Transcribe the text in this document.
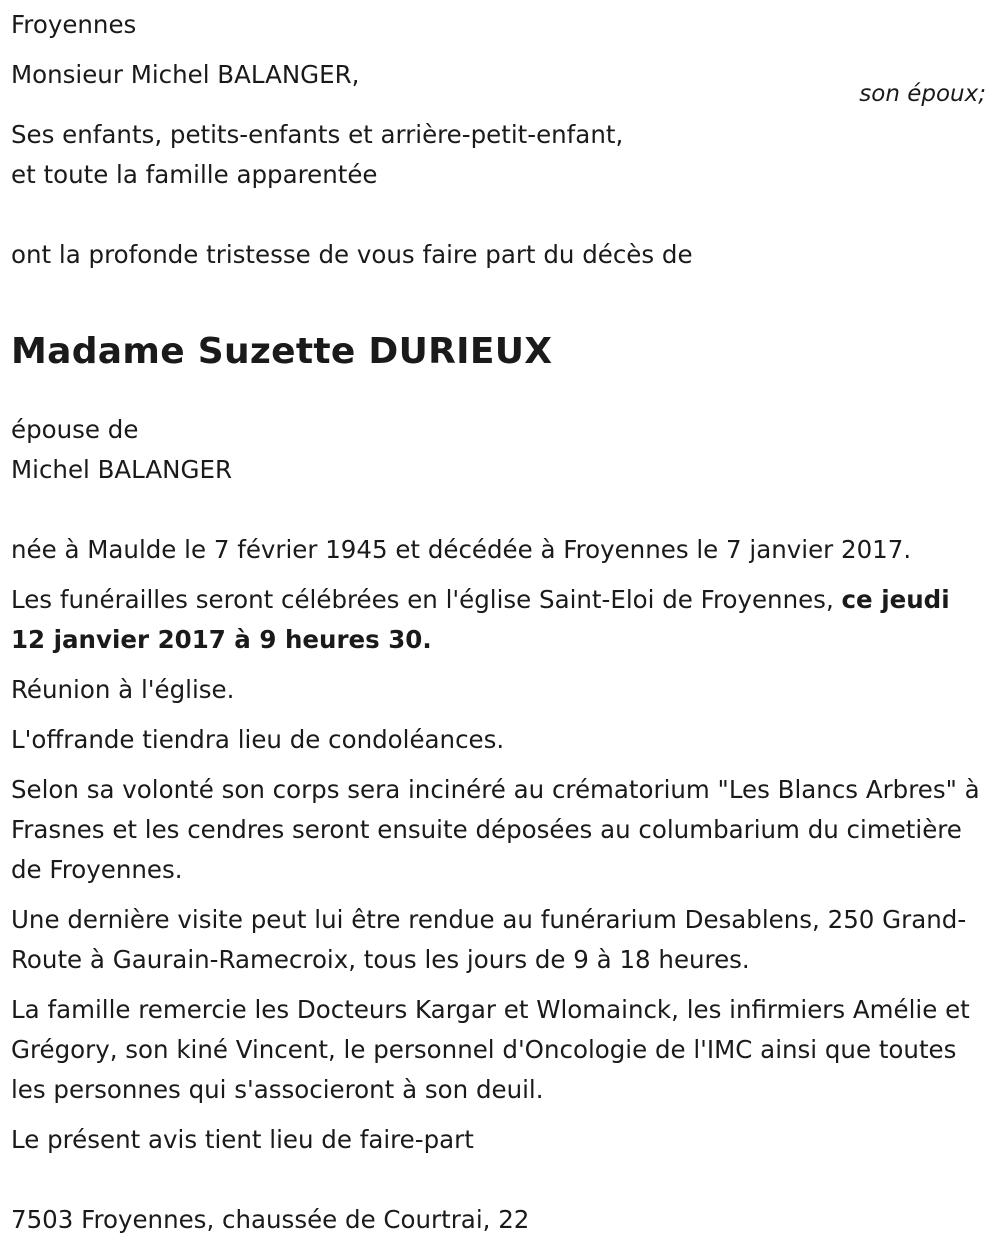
Froyennes

Monsieur Michel BALANGER,

son époux;

Ses enfants, petits-enfants et arrière-petit-enfant,

et toute la famille apparentée

ont la profonde tristesse de vous faire part du décès de

Madame Suzette DURIEUX

épouse de

Michel BALANGER

née à Maulde le 7 février 1945 et décédée à Froyennes le 7 janvier 2017.

Les funérailles seront célébrées en l'église Saint-Eloi de Froyennes, ce jeudi 12 janvier 2017 à 9 heures 30.

Réunion à l'église.

L'offrande tiendra lieu de condoléances.

Selon sa volonté son corps sera incinéré au crématorium "Les Blancs Arbres" à Frasnes et les cendres seront ensuite déposées au columbarium du cimetière de Froyennes.

Une dernière visite peut lui être rendue au funérarium Desablens, 250 Grand-Route à Gaurain-Ramecroix, tous les jours de 9 à 18 heures.

La famille remercie les Docteurs Kargar et Wlomainck, les infirmiers Amélie et Grégory, son kiné Vincent, le personnel d'Oncologie de l'IMC ainsi que toutes les personnes qui s'associeront à son deuil.

Le présent avis tient lieu de faire-part

7503 Froyennes, chaussée de Courtrai, 22
